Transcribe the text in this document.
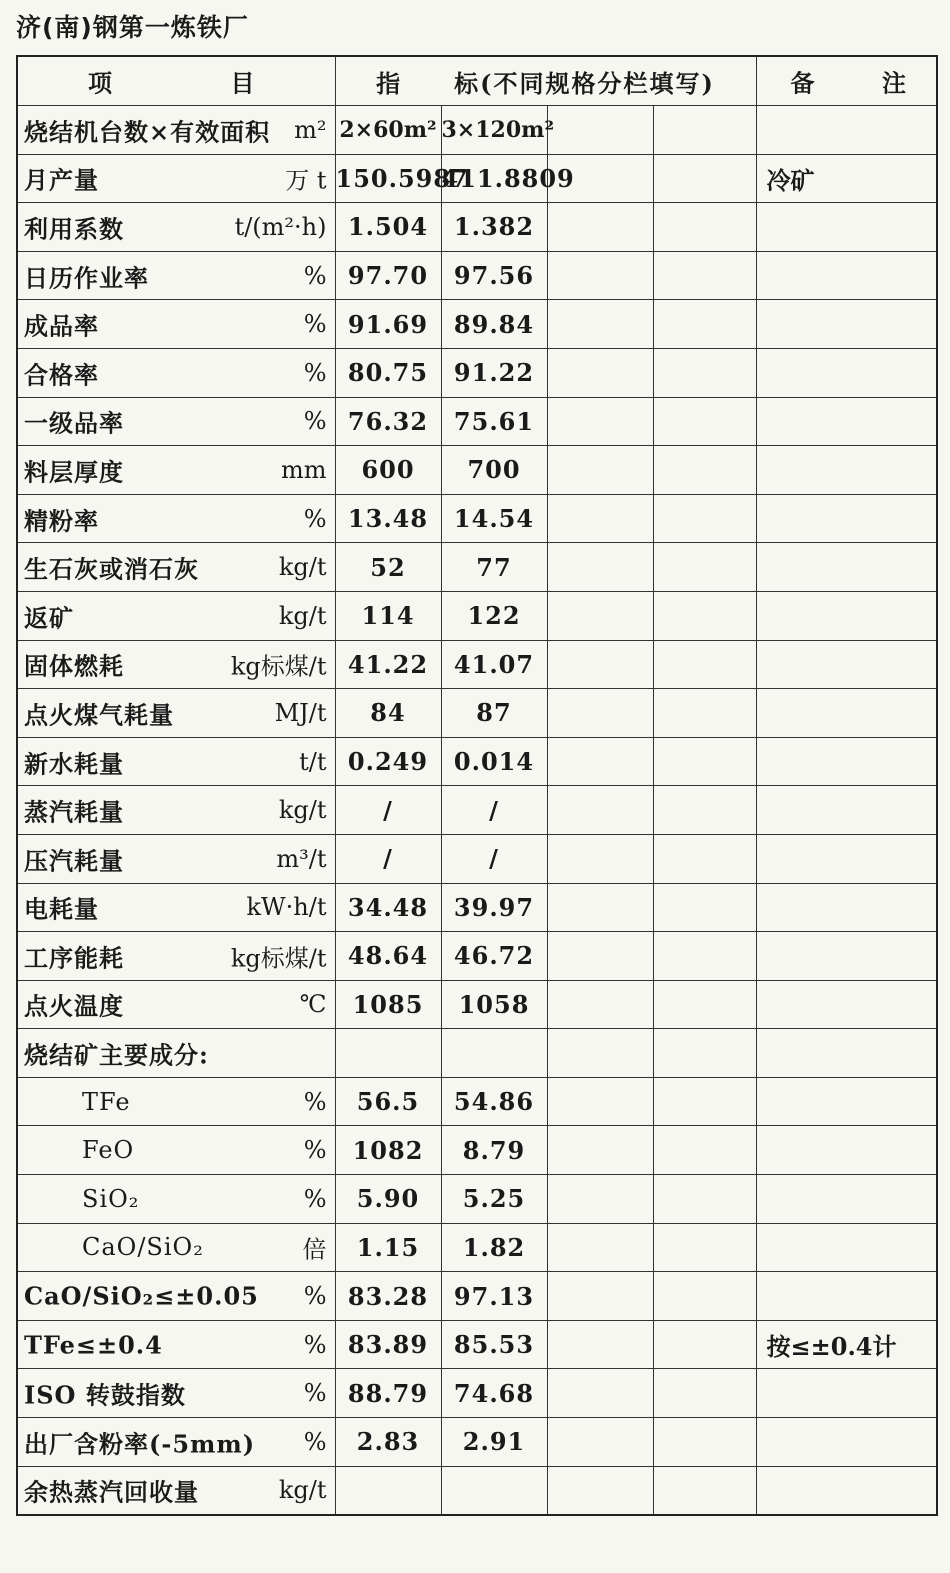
济(南)钢第一炼铁厂
项 目	指　　标(不同规格分栏填写)				备 注

烧结机台数×有效面积 m²	2×60m²	3×120m²			

月产量 万 t	150.5987	411.8809			冷矿

利用系数 t/(m²·h)	1.504	1.382			

日历作业率 %	97.70	97.56			

成品率 %	91.69	89.84			

合格率 %	80.75	91.22			

一级品率 %	76.32	75.61			

料层厚度 mm	600	700			

精粉率 %	13.48	14.54			

生石灰或消石灰 kg/t	52	77			

返矿 kg/t	114	122			

固体燃耗 kg标煤/t	41.22	41.07			

点火煤气耗量 MJ/t	84	87			

新水耗量 t/t	0.249	0.014			

蒸汽耗量 kg/t	/	/			

压汽耗量 m³/t	/	/			

电耗量 kW·h/t	34.48	39.97			

工序能耗 kg标煤/t	48.64	46.72			

点火温度 ℃	1085	1058			

烧结矿主要成分:					

TFe %	56.5	54.86			

FeO %	1082	8.79			

SiO₂ %	5.90	5.25			

CaO/SiO₂ 倍	1.15	1.82			

CaO/SiO₂≤±0.05 %	83.28	97.13			

TFe≤±0.4 %	83.89	85.53			按≤±0.4计

ISO 转鼓指数 %	88.79	74.68			

出厂含粉率(-5mm) %	2.83	2.91			

余热蒸汽回收量 kg/t					
